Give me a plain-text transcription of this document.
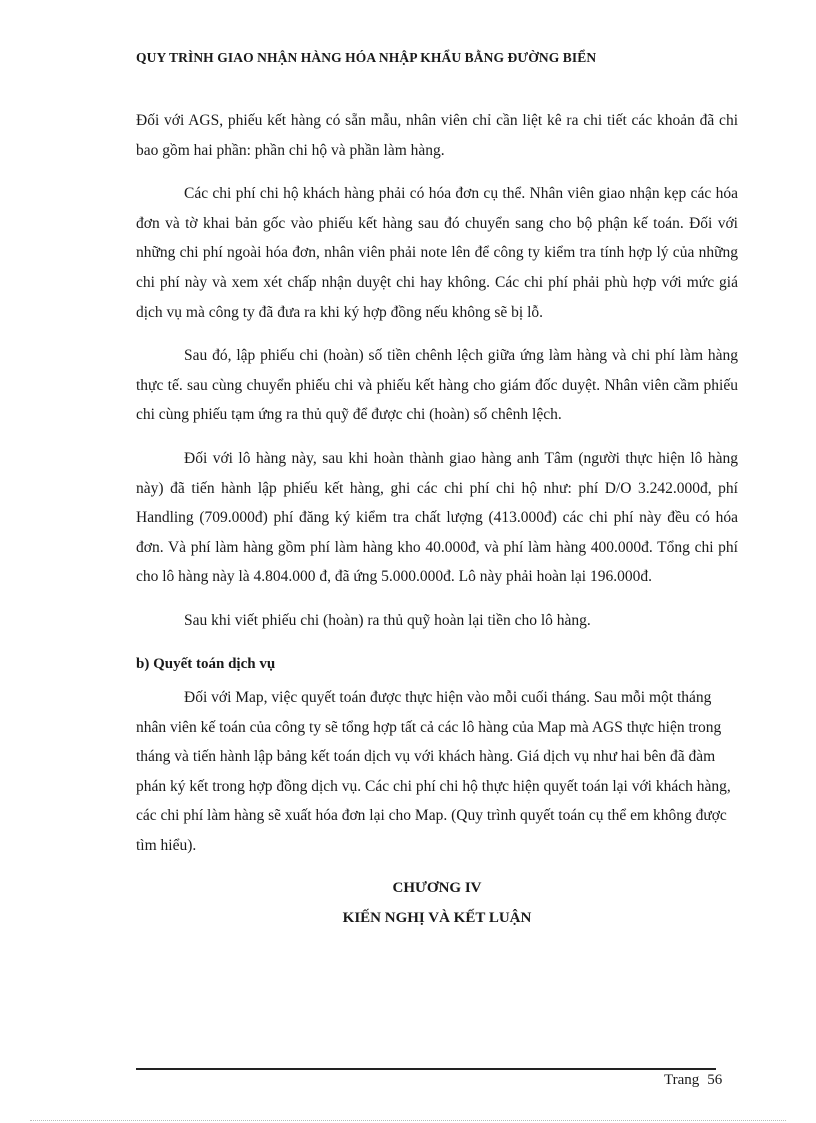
QUY TRÌNH GIAO NHẬN HÀNG HÓA NHẬP KHẨU BẰNG ĐƯỜNG BIỂN

Đối với AGS, phiếu kết hàng có sẵn mẫu, nhân viên chỉ cần liệt kê ra chi tiết các khoản đã chi bao gồm hai phần: phần chi hộ và phần làm hàng.

Các chi phí chi hộ khách hàng phải có hóa đơn cụ thể. Nhân viên giao nhận kẹp các hóa đơn và tờ khai bản gốc vào phiếu kết hàng sau đó chuyển sang cho bộ phận kế toán. Đối với những chi phí ngoài hóa đơn, nhân viên phải note lên để công ty kiểm tra tính hợp lý của những chi phí này và xem xét chấp nhận duyệt chi hay không. Các chi phí phải phù hợp với mức giá dịch vụ mà công ty đã đưa ra khi ký hợp đồng nếu không sẽ bị lỗ.

Sau đó, lập phiếu chi (hoàn) số tiền chênh lệch giữa ứng làm hàng và chi phí làm hàng thực tế. sau cùng chuyển phiếu chi và phiếu kết hàng cho giám đốc duyệt. Nhân viên cầm phiếu chi cùng phiếu tạm ứng ra thủ quỹ để được chi (hoàn) số chênh lệch.

Đối với lô hàng này, sau khi hoàn thành giao hàng anh Tâm (người thực hiện lô hàng này) đã tiến hành lập phiếu kết hàng, ghi các chi phí chi hộ như: phí D/O 3.242.000đ, phí Handling (709.000đ) phí đăng ký kiểm tra chất lượng (413.000đ) các chi phí này đều có hóa đơn. Và phí làm hàng gồm phí làm hàng kho 40.000đ, và phí làm hàng 400.000đ. Tổng chi phí cho lô hàng này là 4.804.000 đ, đã ứng 5.000.000đ. Lô này phải hoàn lại 196.000đ.

Sau khi viết phiếu chi (hoàn) ra thủ quỹ hoàn lại tiền cho lô hàng.

b) Quyết toán dịch vụ

Đối với Map, việc quyết toán được thực hiện vào mỗi cuối tháng. Sau mỗi một tháng nhân viên kế toán của công ty sẽ tổng hợp tất cả các lô hàng của Map mà AGS thực hiện trong tháng và tiến hành lập bảng kết toán dịch vụ với khách hàng. Giá dịch vụ như hai bên đã đàm phán ký kết trong hợp đồng dịch vụ. Các chi phí chi hộ thực hiện quyết toán lại với khách hàng, các chi phí làm hàng sẽ xuất hóa đơn lại cho Map. (Quy trình quyết toán cụ thể em không được tìm hiểu).

CHƯƠNG IV

KIẾN NGHỊ VÀ KẾT LUẬN

Trang 56
